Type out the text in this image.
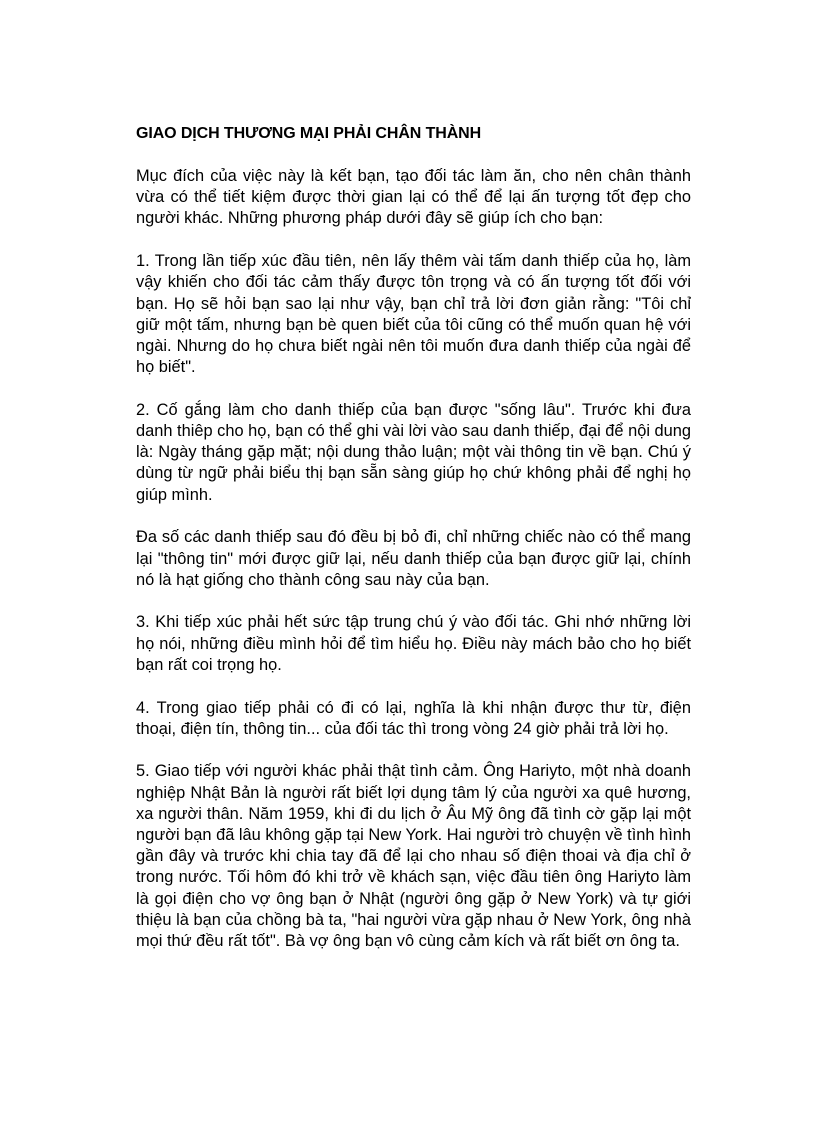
GIAO DỊCH THƯƠNG MẠI PHẢI CHÂN THÀNH

Mục đích của việc này là kết bạn, tạo đối tác làm ăn, cho nên chân thành vừa có thể tiết kiệm được thời gian lại có thể để lại ấn tượng tốt đẹp cho người khác. Những phương pháp dưới đây sẽ giúp ích cho bạn:

1. Trong lần tiếp xúc đầu tiên, nên lấy thêm vài tấm danh thiếp của họ, làm vậy khiến cho đối tác cảm thấy được tôn trọng và có ấn tượng tốt đối với bạn. Họ sẽ hỏi bạn sao lại như vậy, bạn chỉ trả lời đơn giản rằng: "Tôi chỉ giữ một tấm, nhưng bạn bè quen biết của tôi cũng có thể muốn quan hệ với ngài. Nhưng do họ chưa biết ngài nên tôi muốn đưa danh thiếp của ngài để họ biết".

2. Cố gắng làm cho danh thiếp của bạn được "sống lâu". Trước khi đưa danh thiêp cho họ, bạn có thể ghi vài lời vào sau danh thiếp, đại để nội dung là: Ngày tháng gặp mặt; nội dung thảo luận; một vài thông tin về bạn. Chú ý dùng từ ngữ phải biểu thị bạn sẵn sàng giúp họ chứ không phải để nghị họ giúp mình.

Đa số các danh thiếp sau đó đều bị bỏ đi, chỉ những chiếc nào có thể mang lại "thông tin" mới được giữ lại, nếu danh thiếp của bạn được giữ lại, chính nó là hạt giống cho thành công sau này của bạn.

3. Khi tiếp xúc phải hết sức tập trung chú ý vào đối tác. Ghi nhớ những lời họ nói, những điều mình hỏi để tìm hiểu họ. Điều này mách bảo cho họ biết bạn rất coi trọng họ.

4. Trong giao tiếp phải có đi có lại, nghĩa là khi nhận được thư từ, điện thoại, điện tín, thông tin... của đối tác thì trong vòng 24 giờ phải trả lời họ.

5. Giao tiếp với người khác phải thật tình cảm. Ông Hariyto, một nhà doanh nghiệp Nhật Bản là người rất biết lợi dụng tâm lý của người xa quê hương, xa người thân. Năm 1959, khi đi du lịch ở Âu Mỹ ông đã tình cờ gặp lại một người bạn đã lâu không gặp tại New York. Hai người trò chuyện về tình hình gần đây và trước khi chia tay đã để lại cho nhau số điện thoai và địa chỉ ở trong nước. Tối hôm đó khi trở về khách sạn, việc đầu tiên ông Hariyto làm là gọi điện cho vợ ông bạn ở Nhật (người ông gặp ở New York) và tự giới thiệu là bạn của chồng bà ta, "hai người vừa gặp nhau ở New York, ông nhà mọi thứ đều rất tốt". Bà vợ ông bạn vô cùng cảm kích và rất biết ơn ông ta.
